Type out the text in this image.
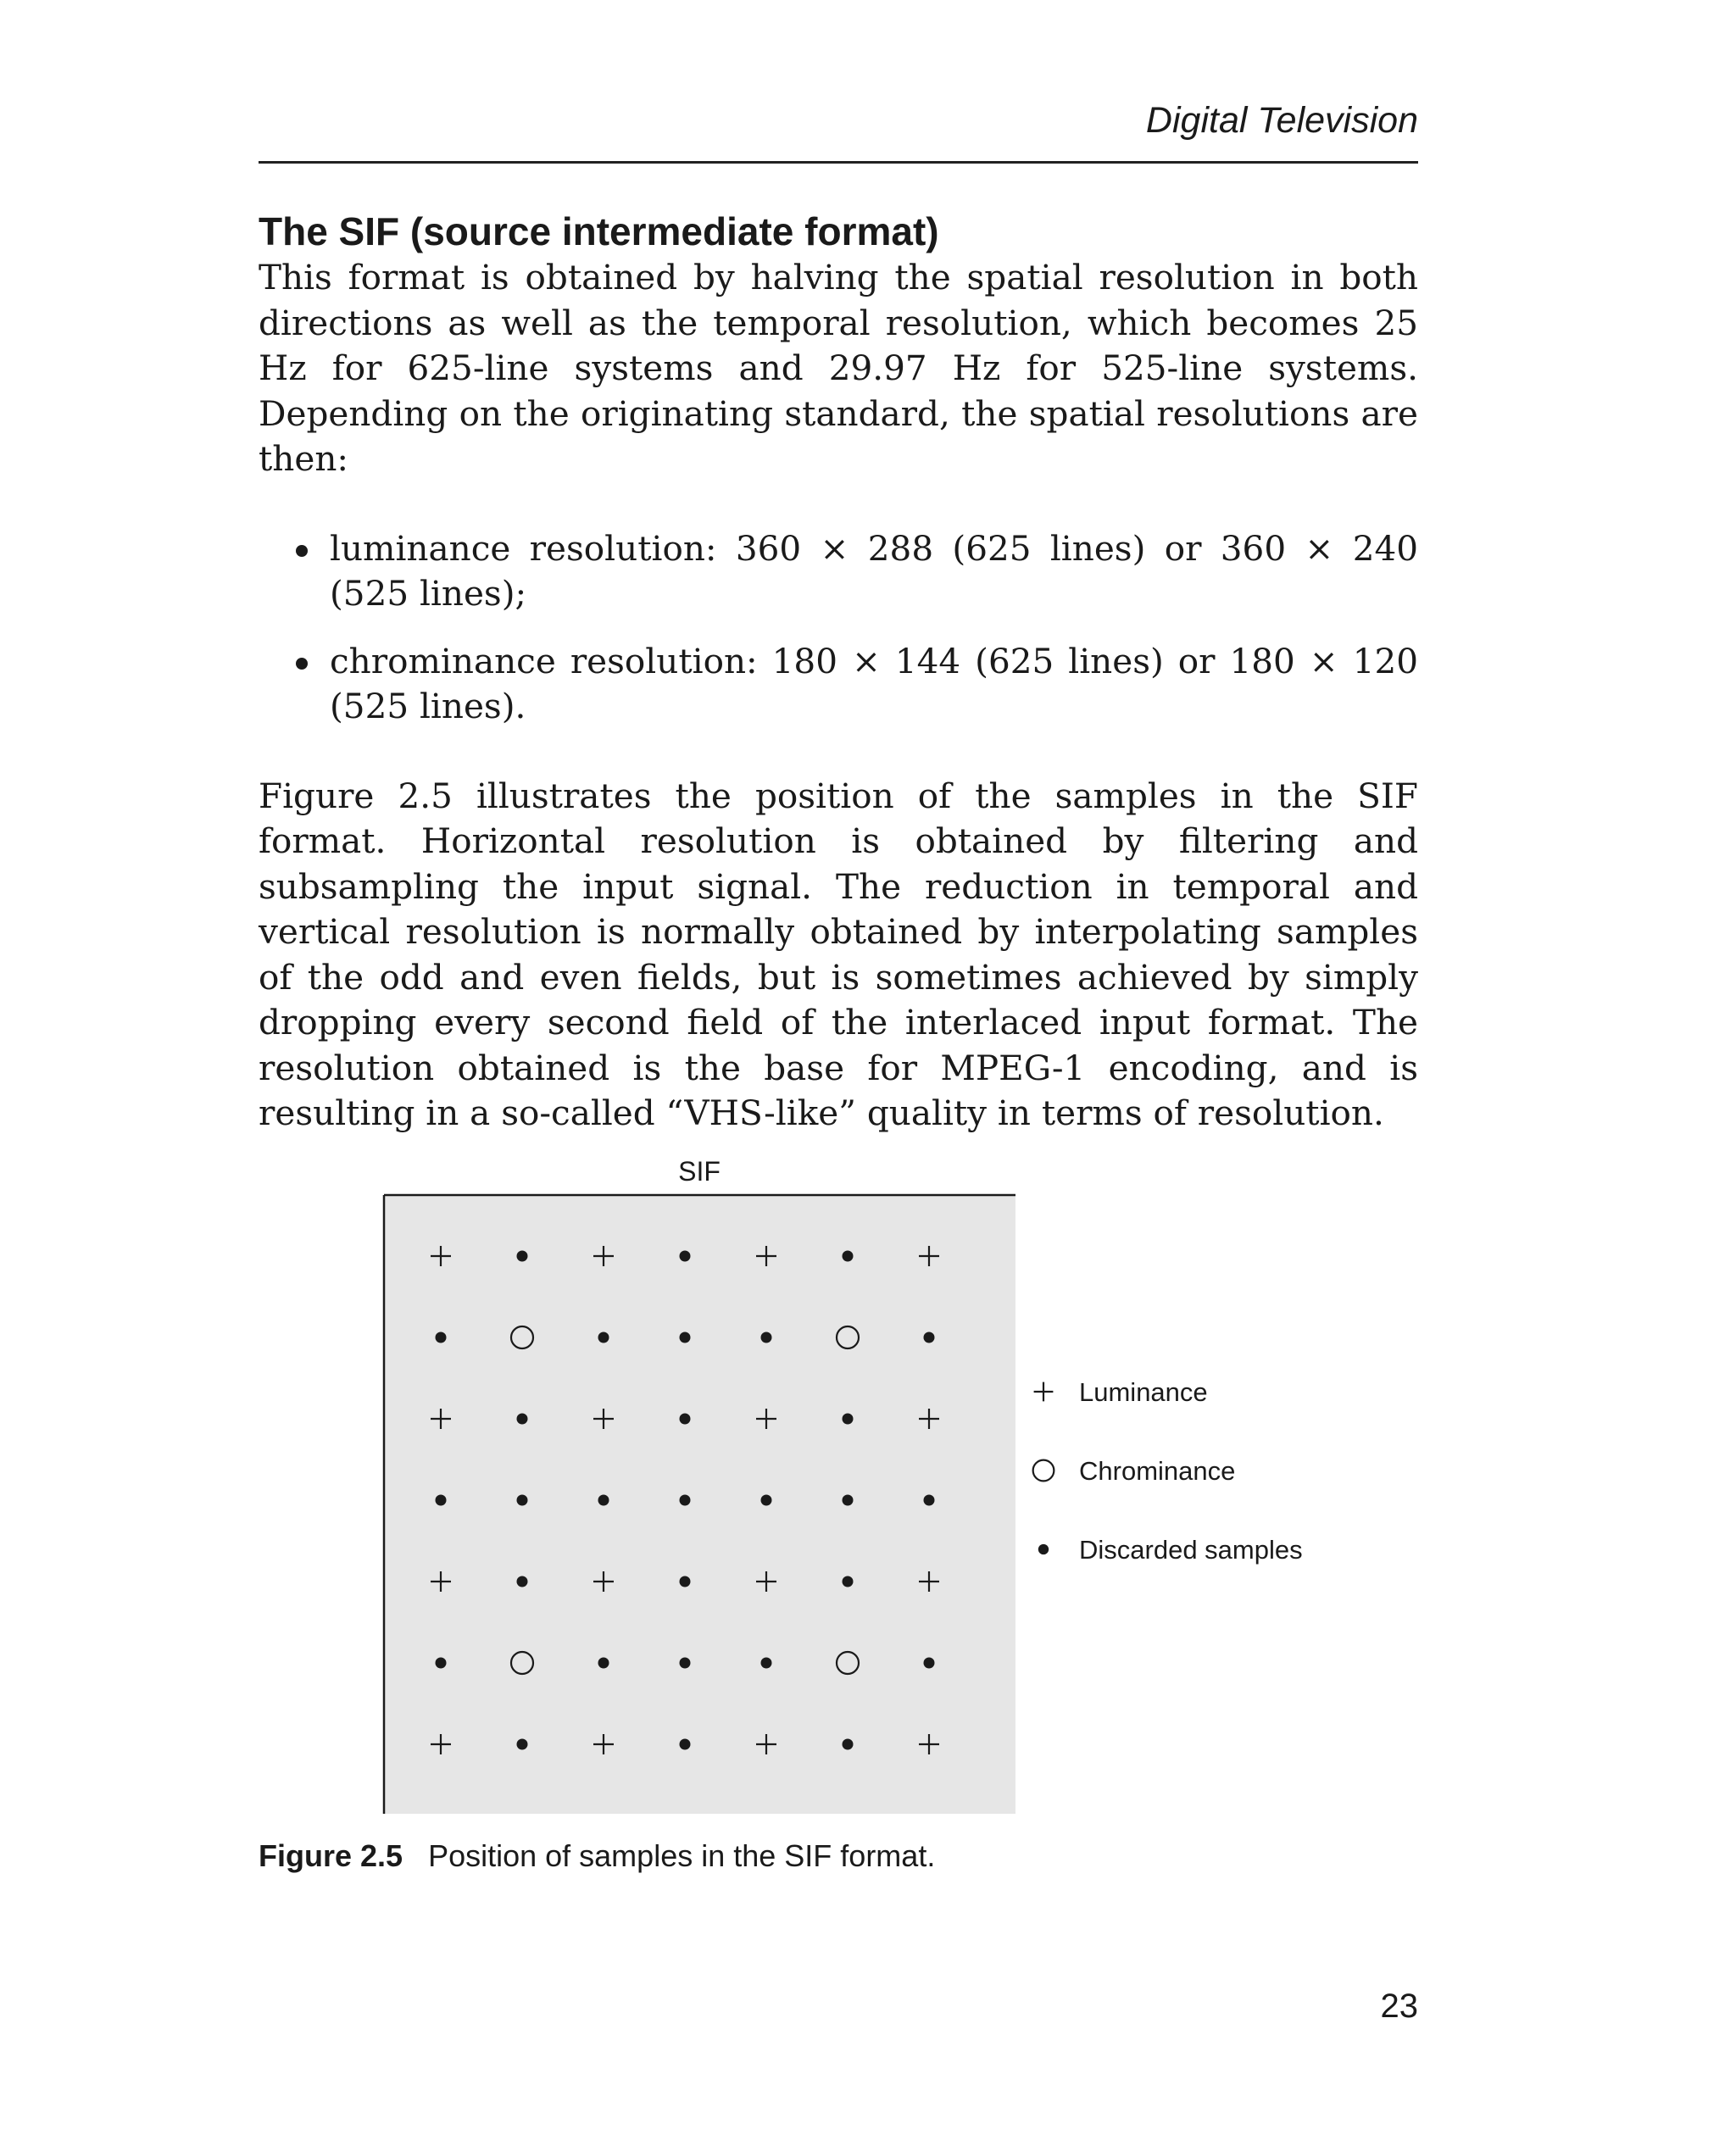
Digital Television
The SIF (source intermediate format)

This format is obtained by halving the spatial resolution in both directions as well as the temporal resolution, which becomes 25 Hz for 625-line systems and 29.97 Hz for 525-line systems. Depending on the originating standard, the spatial resolutions are then:

luminance resolution: 360 × 288 (625 lines) or 360 × 240 (525 lines);
chrominance resolution: 180 × 144 (625 lines) or 180 × 120 (525 lines).

Figure 2.5 illustrates the position of the samples in the SIF format. Horizontal resolution is obtained by filtering and subsampling the input signal. The reduction in temporal and vertical resolution is normally obtained by interpolating samples of the odd and even fields, but is sometimes achieved by simply dropping every second field of the interlaced input format. The resolution obtained is the base for MPEG-1 encoding, and is resulting in a so-called “VHS-like” quality in terms of resolution.

SIF
Luminance
Chrominance
Discarded samples
Figure 2.5 Position of samples in the SIF format.
23
